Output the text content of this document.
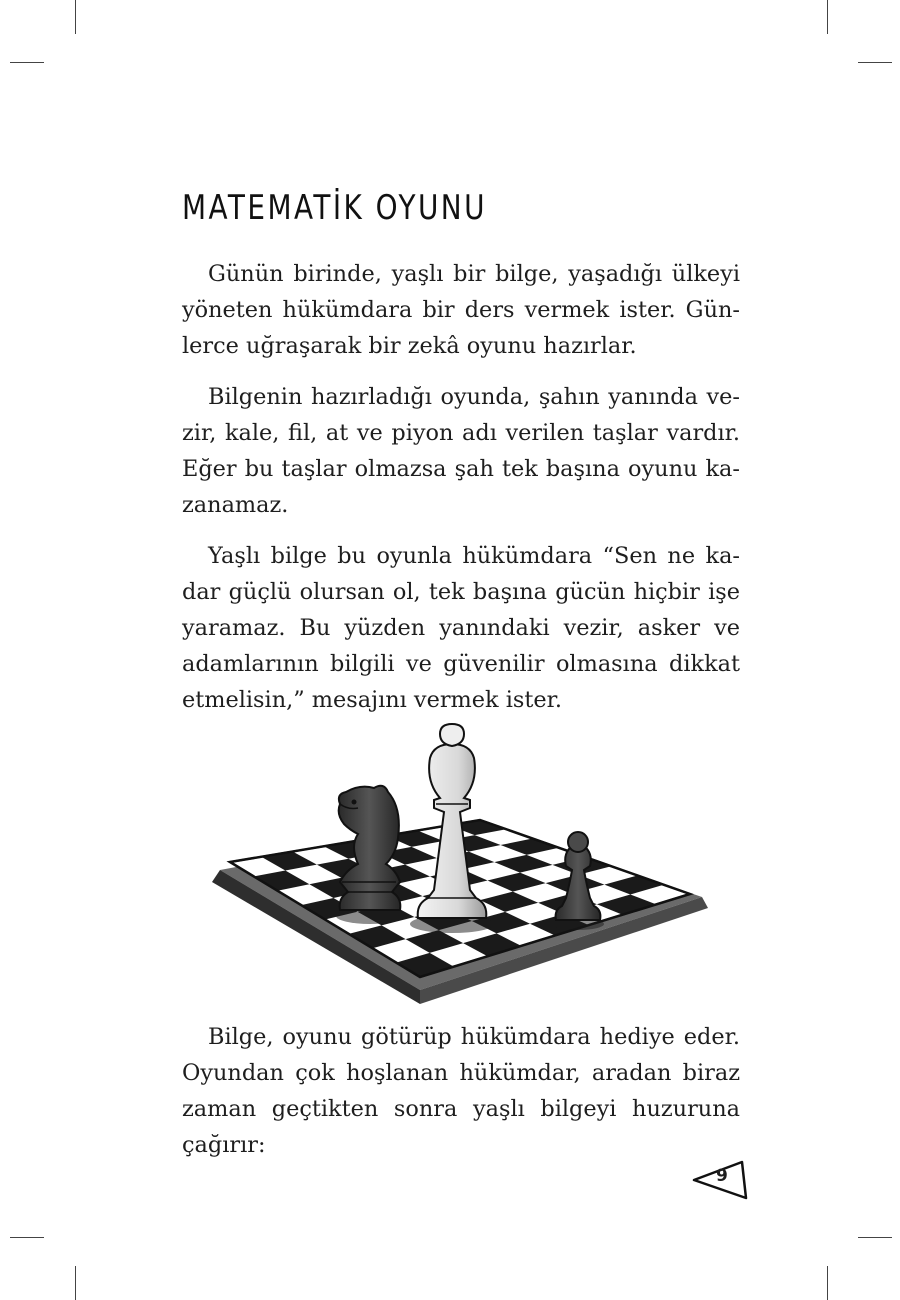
MATEMATİK OYUNU

Günün birinde, yaşlı bir bilge, yaşadığı ülkeyi yöneten hükümdara bir ders vermek ister. Günlerce uğraşarak bir zekâ oyunu hazırlar.

Bilgenin hazırladığı oyunda, şahın yanında vezir, kale, fil, at ve piyon adı verilen taşlar vardır. Eğer bu taşlar olmazsa şah tek başına oyunu kazanamaz.

Yaşlı bilge bu oyunla hükümdara “Sen ne kadar güçlü olursan ol, tek başına gücün hiçbir işe yaramaz. Bu yüzden yanındaki vezir, asker ve adamlarının bilgili ve güvenilir olmasına dikkat etmelisin,” mesajını vermek ister.

Bilge, oyunu götürüp hükümdara hediye eder. Oyundan çok hoşlanan hükümdar, aradan biraz zaman geçtikten sonra yaşlı bilgeyi huzuruna çağırır:

9
